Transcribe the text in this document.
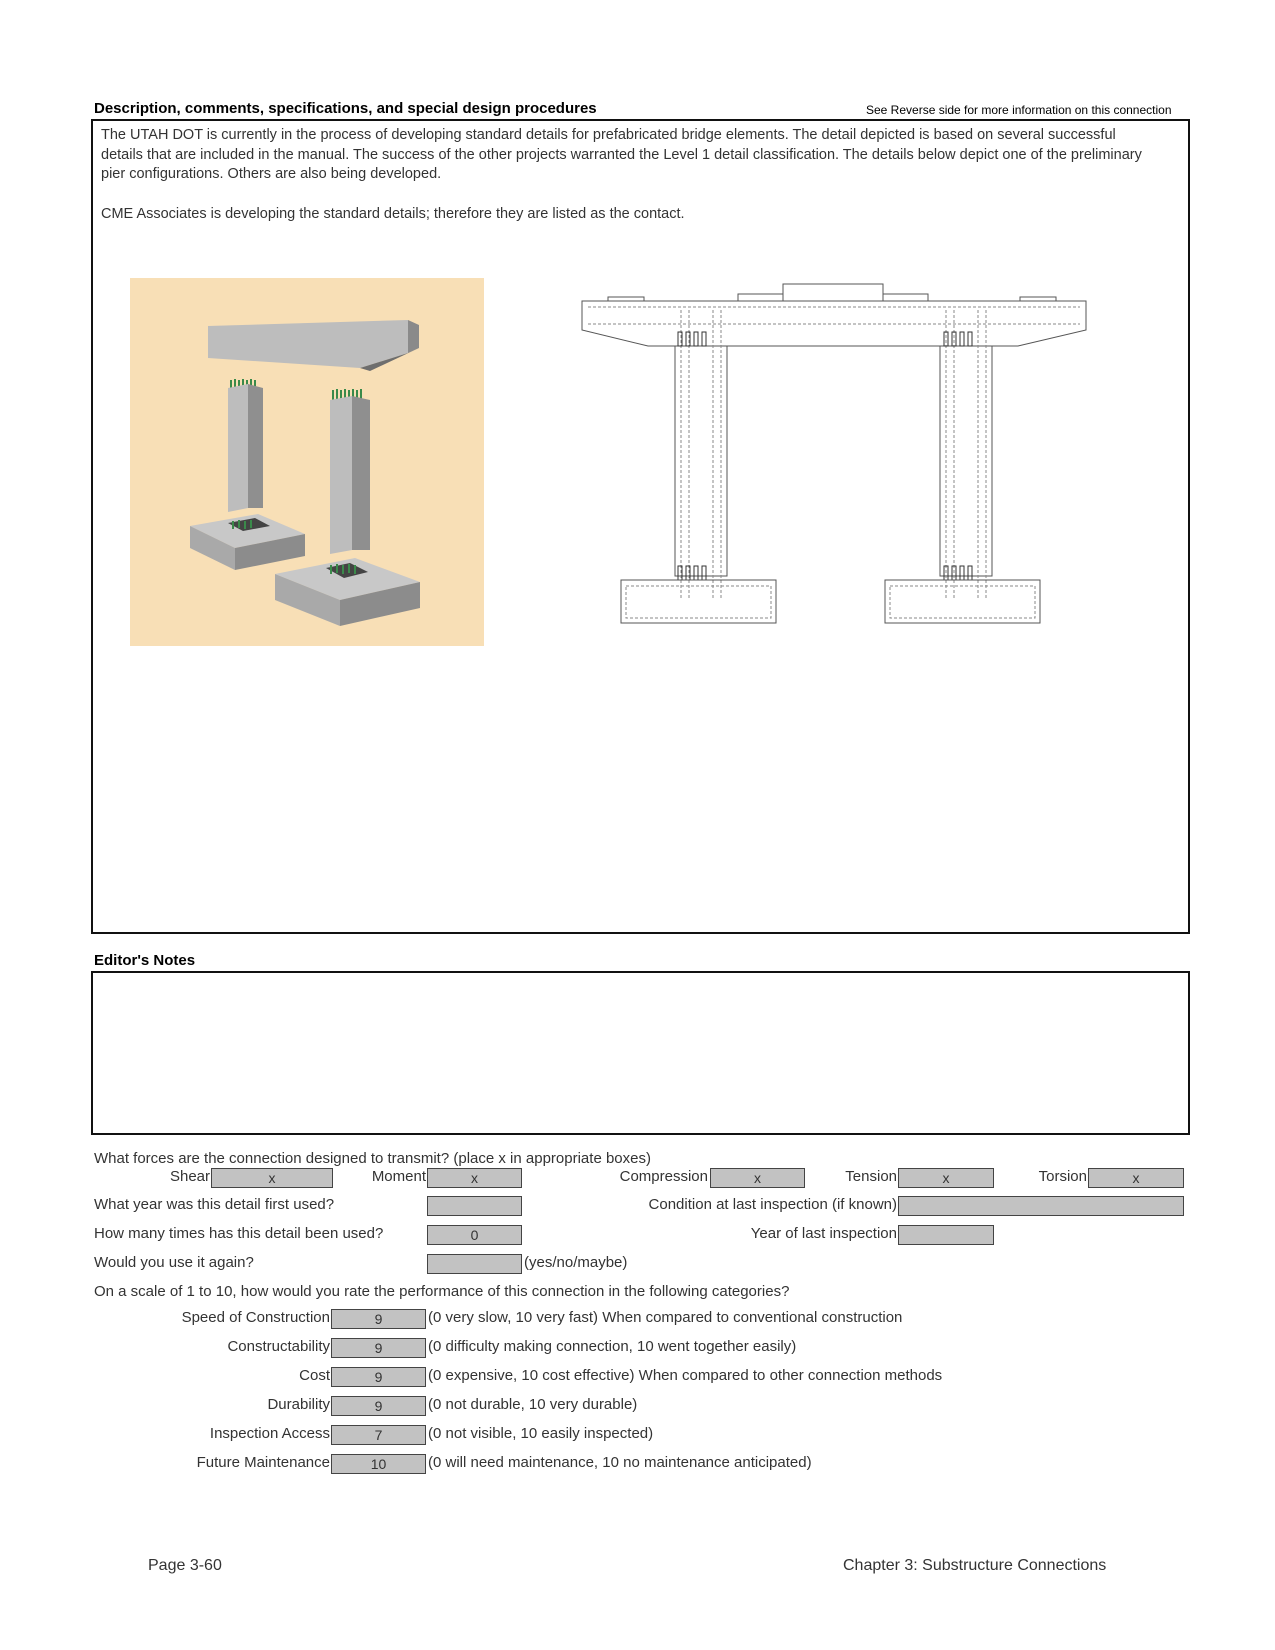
Description, comments, specifications, and special design procedures	See Reverse side for more information on this connection

The UTAH DOT is currently in the process of developing standard details for prefabricated bridge elements. The detail depicted is based on several successful details that are included in the manual. The success of the other projects warranted the Level 1 detail classification. The details below depict one of the preliminary pier configurations. Others are also being developed.

CME Associates is developing the standard details; therefore they are listed as the contact.

Editor's Notes
What forces are the connection designed to transmit? (place x in appropriate boxes)
Shear	x	Moment	x	Compression	x	Tension	x	Torsion	x
What year was this detail first used?	Condition at last inspection (if known)
How many times has this detail been used?	0	Year of last inspection
Would you use it again?	(yes/no/maybe)
On a scale of 1 to 10, how would you rate the performance of this connection in the following categories?
Speed of Construction	9	(0 very slow, 10 very fast) When compared to conventional construction
Constructability	9	(0 difficulty making connection, 10 went together easily)
Cost	9	(0 expensive, 10 cost effective) When compared to other connection methods
Durability	9	(0 not durable, 10 very durable)
Inspection Access	7	(0 not visible, 10 easily inspected)
Future Maintenance	10	(0 will need maintenance, 10 no maintenance anticipated)
Page 3-60	Chapter 3: Substructure Connections
